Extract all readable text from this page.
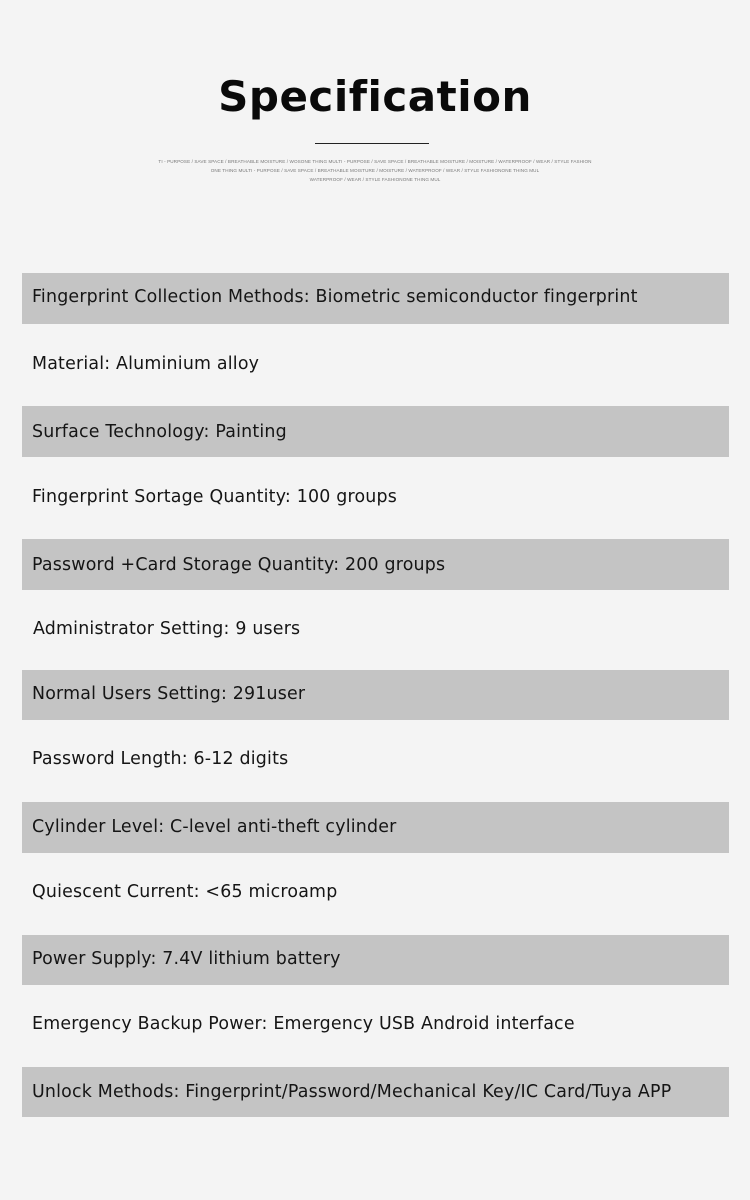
Specification
TI - PURPOSE / SAVE SPACE / BREATHABLE MOISTURE / WOSONE THING MULTI - PURPOSE / SAVE SPACE / BREATHABLE MOISTURE / MOISTURE / WATERPROOF / WEAR / STYLE FASHION
ONE THING MULTI - PURPOSE / SAVE SPACE / BREATHABLE MOISTURE / MOISTURE / WATERPROOF / WEAR / STYLE FASHIONONE THING MUL
WATERPROOF / WEAR / STYLE FASHIONONE THING MUL
Fingerprint Collection Methods: Biometric semiconductor fingerprint
Material: Aluminium alloy
Surface Technology: Painting
Fingerprint Sortage Quantity: 100 groups
Password +Card Storage Quantity: 200 groups
Administrator Setting: 9 users
Normal Users Setting: 291user
Password Length: 6-12 digits
Cylinder Level: C-level anti-theft cylinder
Quiescent Current: <65 microamp
Power Supply: 7.4V lithium battery
Emergency Backup Power: Emergency USB Android interface
Unlock Methods: Fingerprint/Password/Mechanical Key/IC Card/Tuya APP
